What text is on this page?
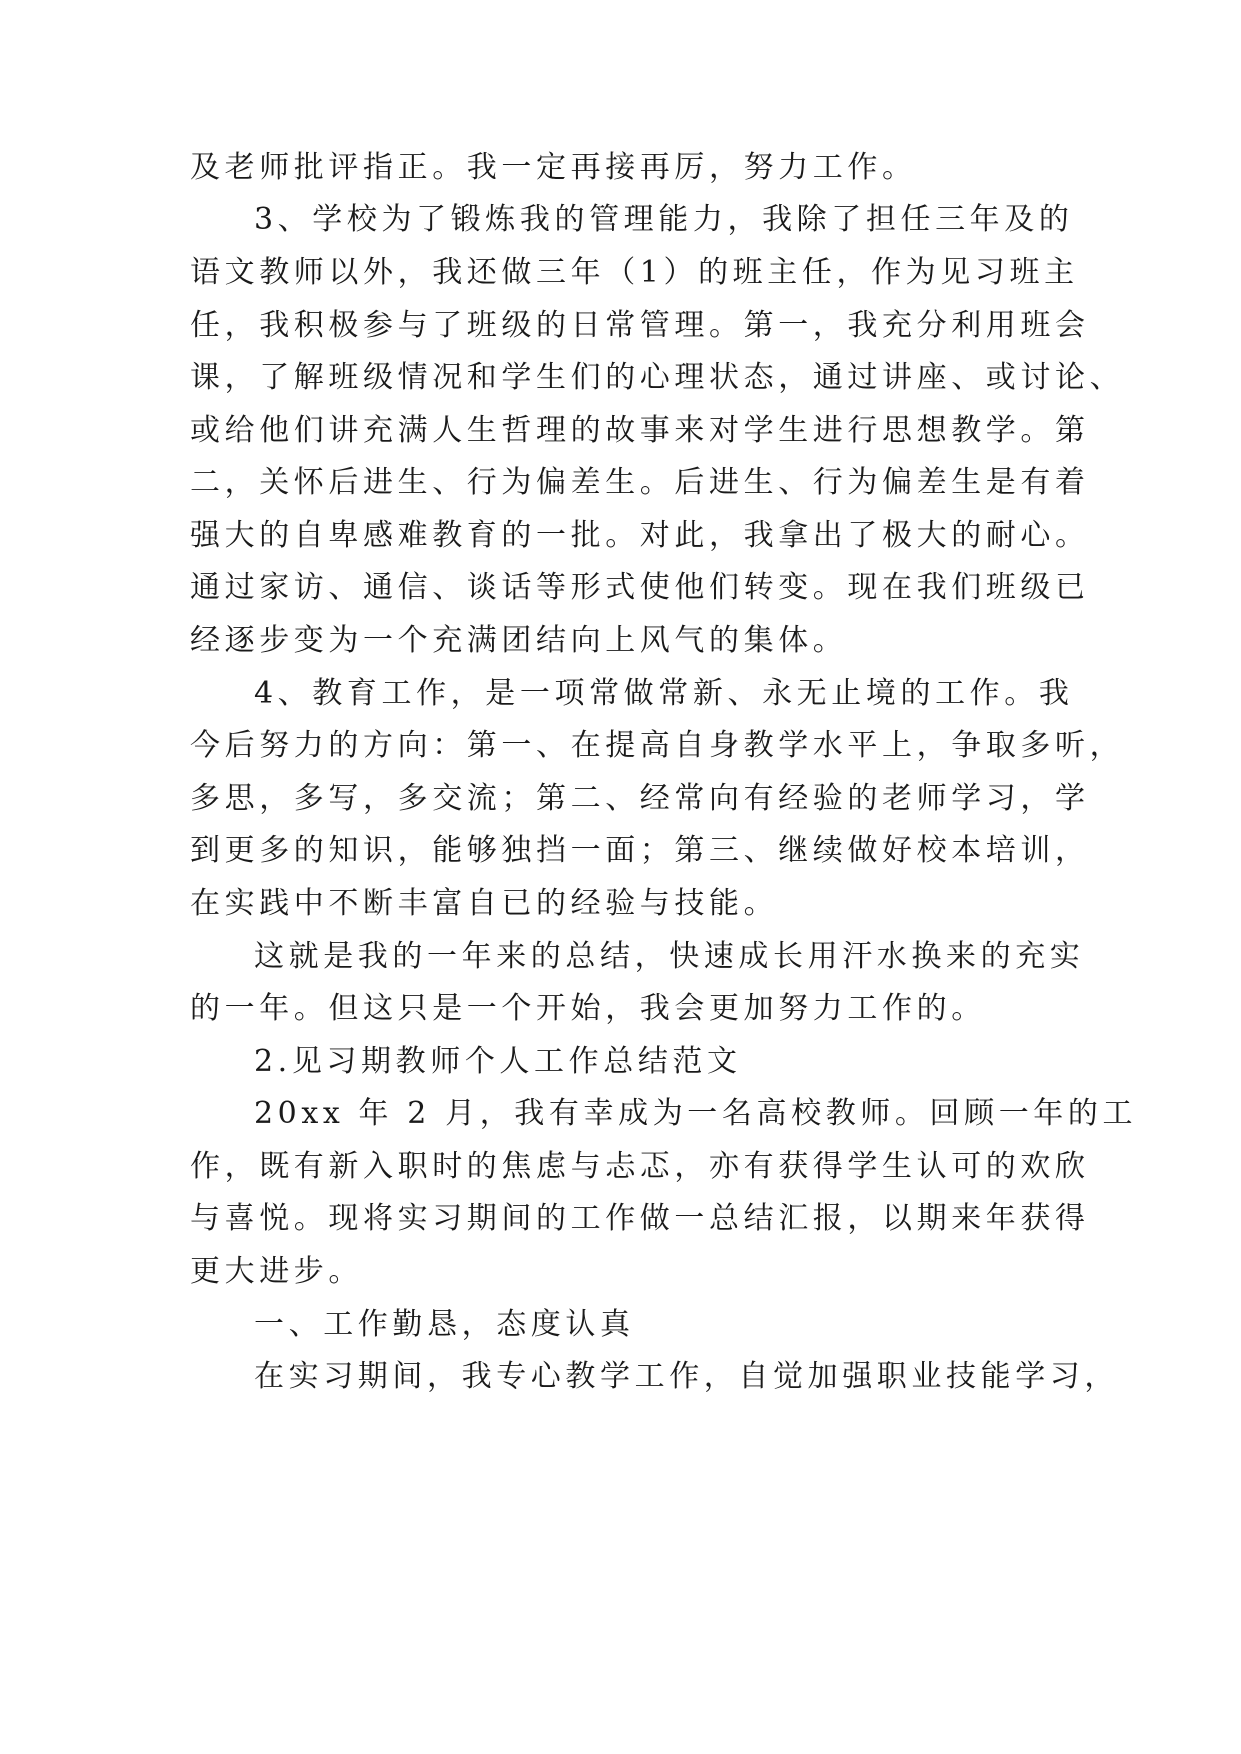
及老师批评指正。我一定再接再厉，努力工作。
3、学校为了锻炼我的管理能力，我除了担任三年及的
语文教师以外，我还做三年（1）的班主任，作为见习班主
任，我积极参与了班级的日常管理。第一，我充分利用班会
课，了解班级情况和学生们的心理状态，通过讲座、或讨论、
或给他们讲充满人生哲理的故事来对学生进行思想教学。第
二，关怀后进生、行为偏差生。后进生、行为偏差生是有着
强大的自卑感难教育的一批。对此，我拿出了极大的耐心。
通过家访、通信、谈话等形式使他们转变。现在我们班级已
经逐步变为一个充满团结向上风气的集体。
4、教育工作，是一项常做常新、永无止境的工作。我
今后努力的方向：第一、在提高自身教学水平上，争取多听，
多思，多写，多交流；第二、经常向有经验的老师学习，学
到更多的知识，能够独挡一面；第三、继续做好校本培训，
在实践中不断丰富自已的经验与技能。
这就是我的一年来的总结，快速成长用汗水换来的充实
的一年。但这只是一个开始，我会更加努力工作的。
2.见习期教师个人工作总结范文
20xx 年 2 月，我有幸成为一名高校教师。回顾一年的工
作，既有新入职时的焦虑与忐忑，亦有获得学生认可的欢欣
与喜悦。现将实习期间的工作做一总结汇报，以期来年获得
更大进步。
一、工作勤恳，态度认真
在实习期间，我专心教学工作，自觉加强职业技能学习，
